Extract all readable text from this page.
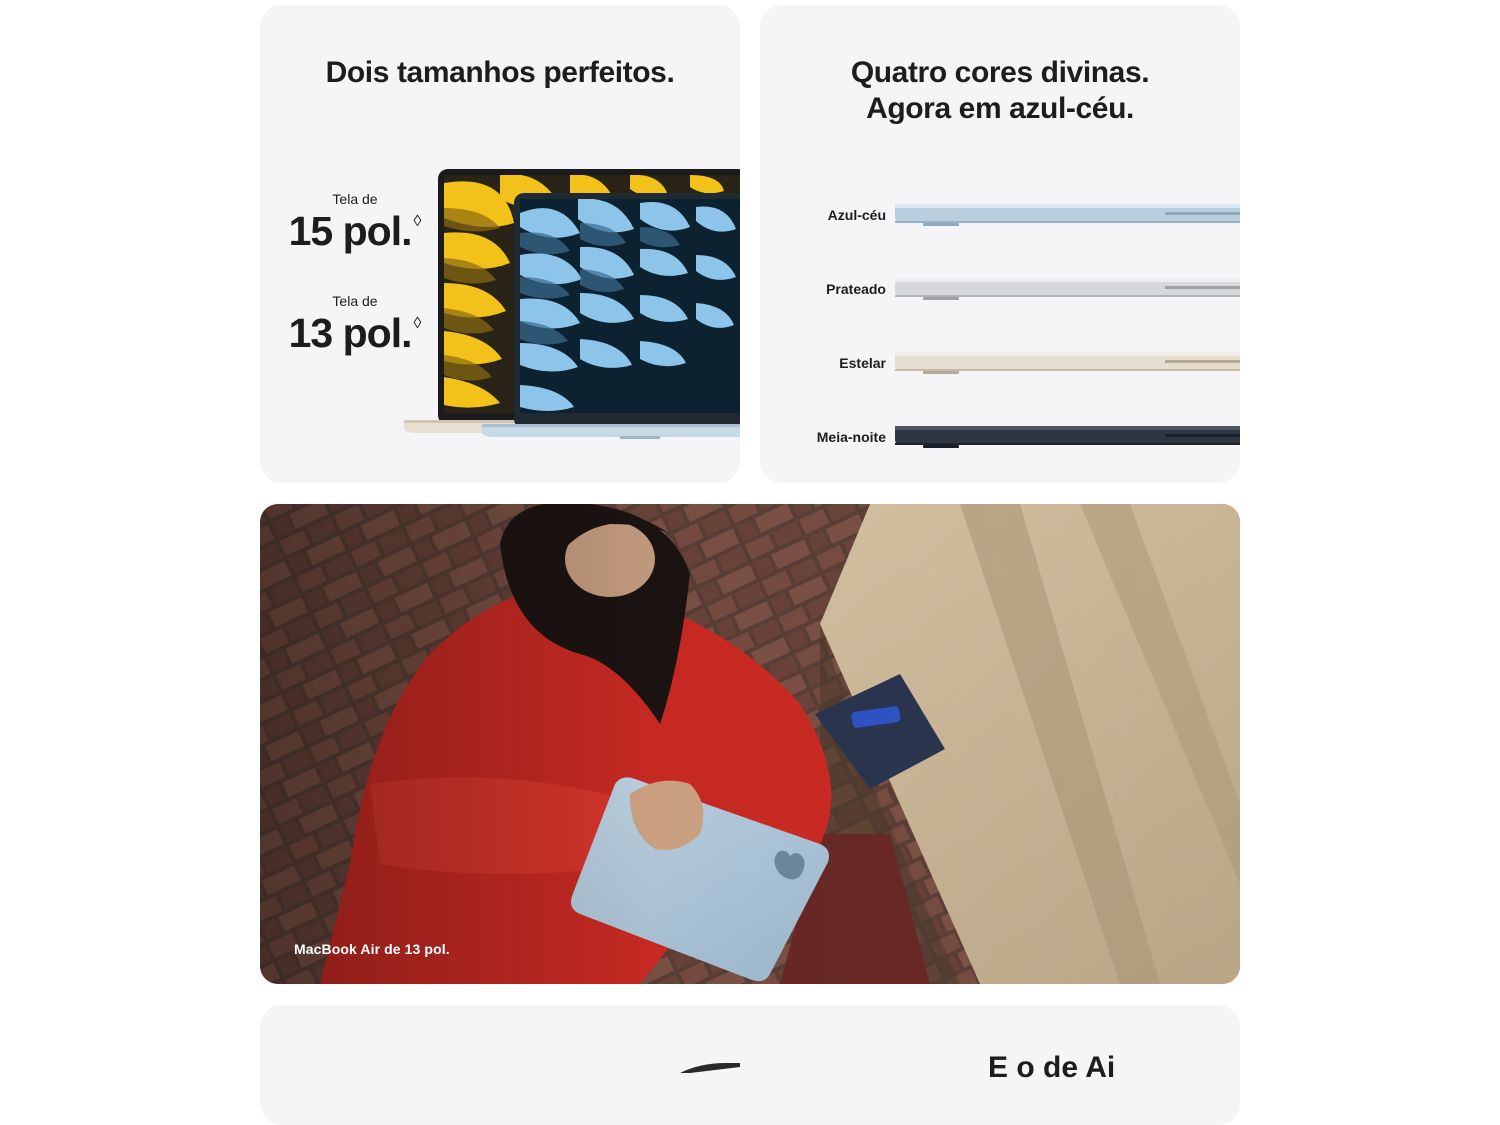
Dois tamanhos perfeitos.
Tela de
15 pol. ◊
Tela de
13 pol. ◊
Quatro cores divinas.
Agora em azul-céu.
Azul-céu
Prateado
Estelar
Meia-noite
MacBook Air de 13 pol.
E o de Ai
